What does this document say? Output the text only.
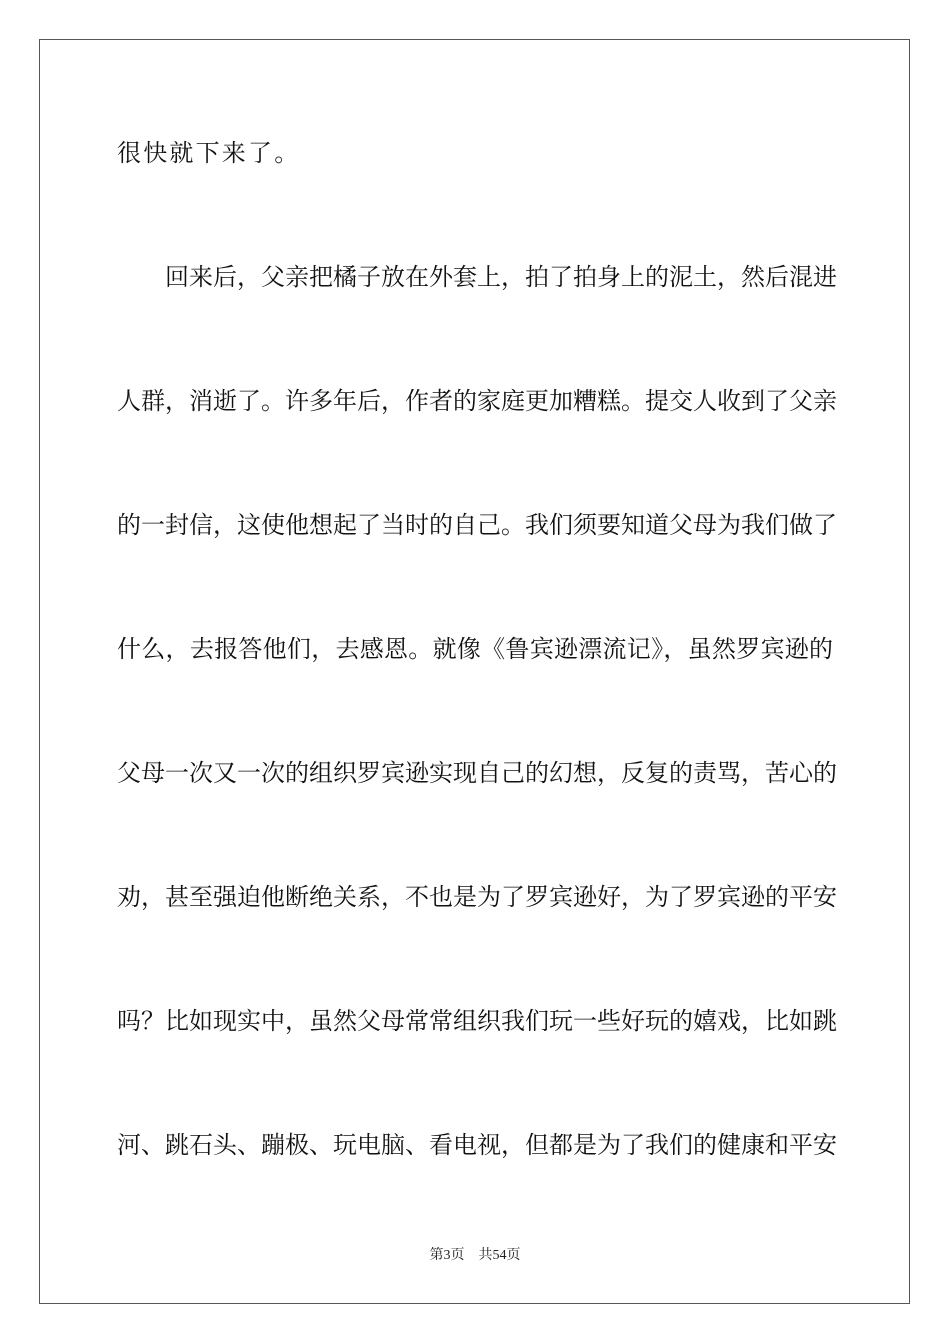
很快就下来了。
回来后，父亲把橘子放在外套上，拍了拍身上的泥土，然后混进
人群，消逝了。许多年后，作者的家庭更加糟糕。提交人收到了父亲
的一封信，这使他想起了当时的自己。我们须要知道父母为我们做了
什么，去报答他们，去感恩。就像《鲁宾逊漂流记》，虽然罗宾逊的
父母一次又一次的组织罗宾逊实现自己的幻想，反复的责骂，苦心的
劝，甚至强迫他断绝关系，不也是为了罗宾逊好，为了罗宾逊的平安
吗？比如现实中，虽然父母常常组织我们玩一些好玩的嬉戏，比如跳
河、跳石头、蹦极、玩电脑、看电视，但都是为了我们的健康和平安
第3页 共54页
